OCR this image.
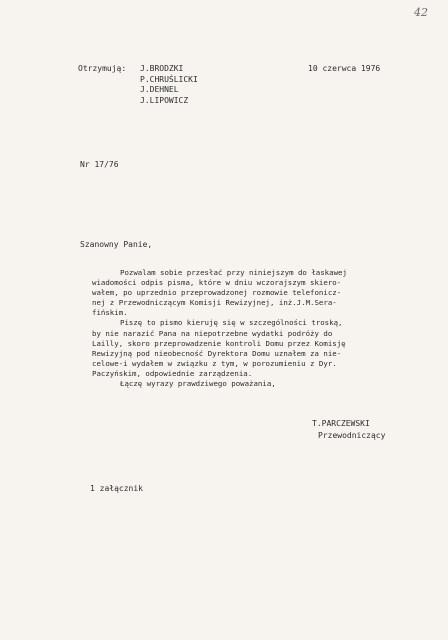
42

Otrzymują: J.BRODZKI
P.CHRUŚLICKI
J.DEHNEL
J.LIPOWICZ

10 czerwca 1976

Nr 17/76

Szanowny Panie,

Pozwalam sobie przesłać przy niniejszym do łaskawej
wiadomości odpis pisma, które w dniu wczorajszym skiero-
wałem, po uprzednio przeprowadzonej rozmowie telefonicz-
nej z Przewodniczącym Komisji Rewizyjnej, inż.J.M.Sera-
fińskim.
Piszę to pismo kieruję się w szczególności troską,
by nie narazić Pana na niepotrzebne wydatki podróży do
Lailly, skoro przeprowadzenie kontroli Domu przez Komisję
Rewizyjną pod nieobecność Dyrektora Domu uznałem za nie-
celowe-i wydałem w związku z tym, w porozumieniu z Dyr.
Paczyńskim, odpowiednie zarządzenia.
Łączę wyrazy prawdziwego poważania,
T.PARCZEWSKI
Przewodniczący

1 załącznik
